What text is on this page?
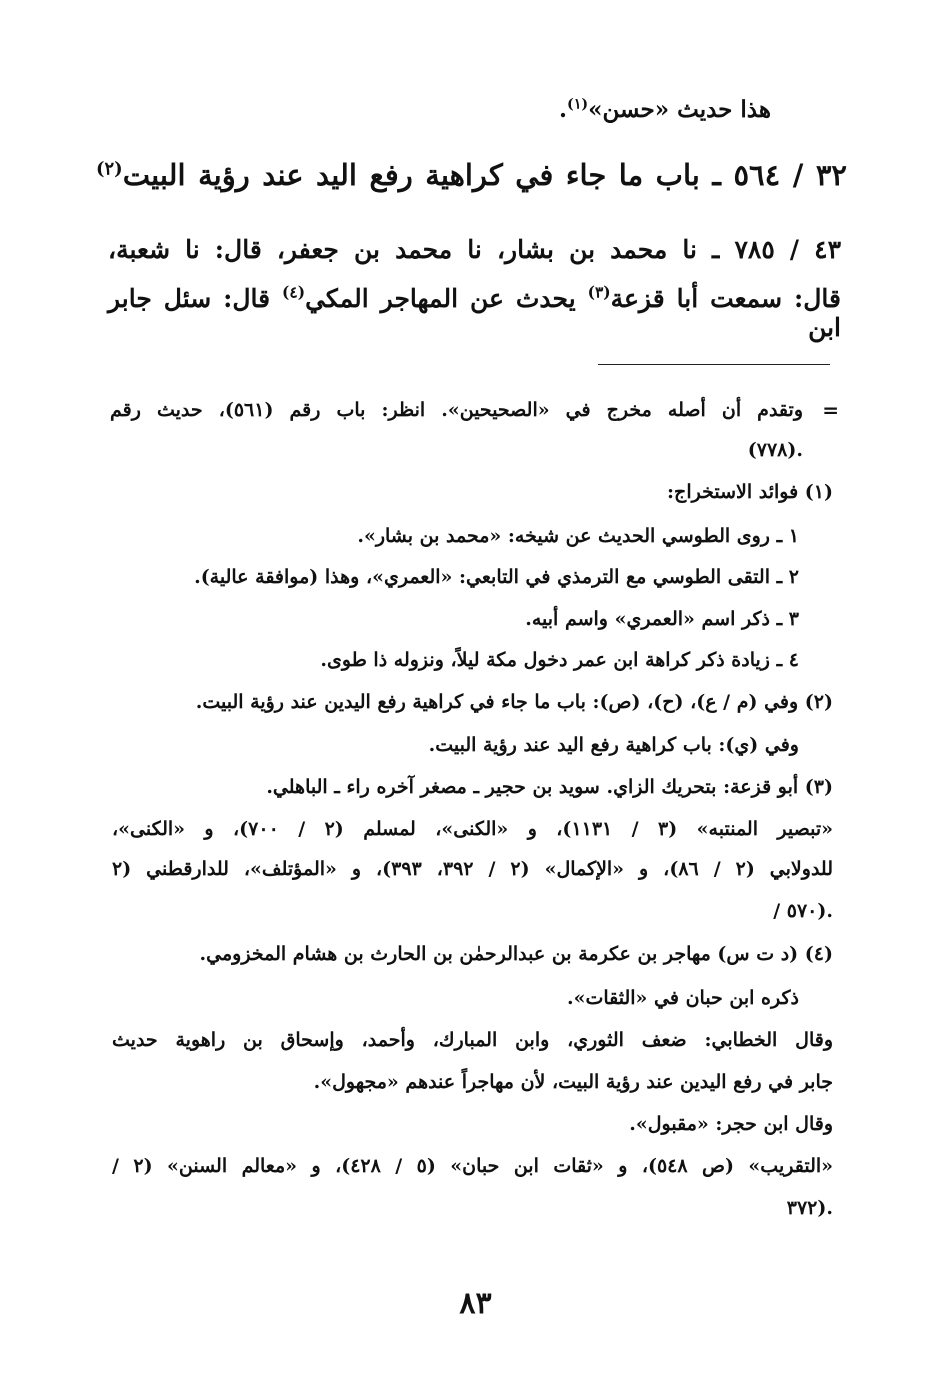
هذا حديث «حسن»$^{(١)}$.
٣٢ / ٥٦٤ ـ باب ما جاء في كراهية رفع اليد عند رؤية البيت$^{(٢)}$
٤٣ / ٧٨٥ ـ نا محمد بن بشار، نا محمد بن جعفر، قال: نا شعبة،
قال: سمعت أبا قزعة$^{(٣)}$ يحدث عن المهاجر المكي$^{(٤)}$ قال: سئل جابر ابن
=
وتقدم أن أصله مخرج في «الصحيحين». انظر: باب رقم (٥٦١)، حديث رقم
(٧٧٨).
(١) فوائد الاستخراج:
١ ـ روى الطوسي الحديث عن شيخه: «محمد بن بشار».
٢ ـ التقى الطوسي مع الترمذي في التابعي: «العمري»، وهذا (موافقة عالية).
٣ ـ ذكر اسم «العمري» واسم أبيه.
٤ ـ زيادة ذكر كراهة ابن عمر دخول مكة ليلاً، ونزوله ذا طوى.
(٢) وفي (م / ع)، (ح)، (ص): باب ما جاء في كراهية رفع اليدين عند رؤية البيت.
وفي (ي): باب كراهية رفع اليد عند رؤية البيت.
(٣) أبو قزعة: بتحريك الزاي. سويد بن حجير ـ مصغر آخره راء ـ الباهلي.
«تبصير المنتبه» (٣ / ١١٣١)، و «الكنى»، لمسلم (٢ / ٧٠٠)، و «الكنى»،
للدولابي (٢ / ٨٦)، و «الإكمال» (٢ / ٣٩٢، ٣٩٣)، و «المؤتلف»، للدارقطني (٢
/ ٥٧٠).
(٤) (د ت س) مهاجر بن عكرمة بن عبدالرحمٰن بن الحارث بن هشام المخزومي.
ذكره ابن حبان في «الثقات».
وقال الخطابي: ضعف الثوري، وابن المبارك، وأحمد، وإسحاق بن راهوية حديث
جابر في رفع اليدين عند رؤية البيت، لأن مهاجراً عندهم «مجهول».
وقال ابن حجر: «مقبول».
«التقريب» (ص ٥٤٨)، و «ثقات ابن حبان» (٥ / ٤٢٨)، و «معالم السنن» (٢ /
٣٧٢).
٨٣
